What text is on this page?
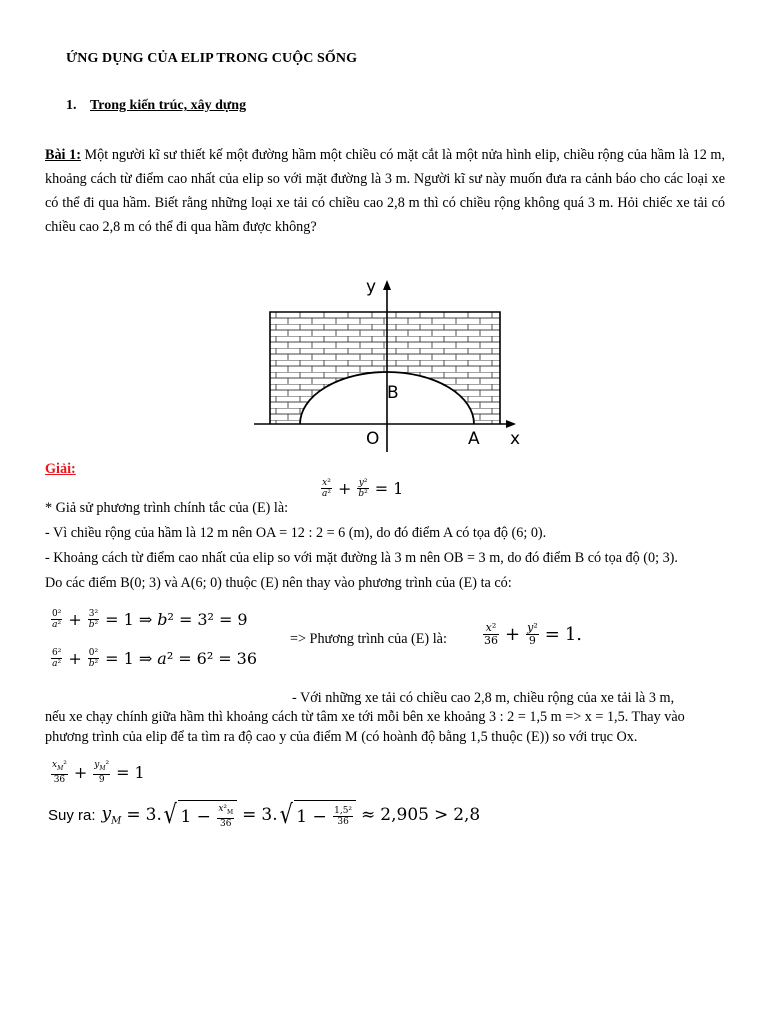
ỨNG DỤNG CỦA ELIP TRONG CUỘC SỐNG
1. Trong kiến trúc, xây dựng
Bài 1: Một người kĩ sư thiết kế một đường hầm một chiều có mặt cắt là một nửa hình elip, chiều rộng của hầm là 12 m, khoảng cách từ điểm cao nhất của elip so với mặt đường là 3 m. Người kĩ sư này muốn đưa ra cảnh báo cho các loại xe có thể đi qua hầm. Biết rằng những loại xe tải có chiều cao 2,8 m thì có chiều rộng không quá 3 m. Hỏi chiếc xe tải có chiều cao 2,8 m có thể đi qua hầm được không?
y
x
B
O	A
Giải:
* Giả sử phương trình chính tắc của (E) là:
$\frac{\text{x²}}{\text{a²}} + \frac{\text{y²}}{\text{b²}} = 1$
- Vì chiều rộng của hầm là 12 m nên OA = 12 : 2 = 6 (m), do đó điểm A có tọa độ (6; 0).
- Khoảng cách từ điểm cao nhất của elip so với mặt đường là 3 m nên OB = 3 m, do đó điểm B có tọa độ (0; 3).
Do các điểm B(0; 3) và A(6; 0) thuộc (E) nên thay vào phương trình của (E) ta có:
$\frac{\text{0²}}{\text{a²}} + \frac{\text{3²}}{\text{b²}} = 1$ ⇒ b ² = 3² = 9
$\frac{\text{6²}}{\text{a²}} + \frac{\text{0²}}{\text{b²}} = 1$ ⇒ a ² = 6² = 36
=> Phương trình của (E) là:	$\frac{\text{x²}}{36} + \frac{\text{y²}}{9} = 1$.
- Với những xe tải có chiều cao 2,8 m, chiều rộng của xe tải là 3 m,
nếu xe chạy chính giữa hầm thì khoảng cách từ tâm xe tới mỗi bên xe khoảng 3 : 2 = 1,5 m => x = 1,5. Thay vào phương trình của elip để ta tìm ra độ cao y của điểm M (có hoành độ bằng 1,5 thuộc (E)) so với trục Ox.
$\frac{x_M^2}{36} + \frac{y_M^2}{9} = 1$
Suy ra: $y_M = 3$. √ $1 - \frac{x^2_M}{36} = 3$. √ $1 - \frac{\text{1,5²}}{36} \approx 2,905 > 2,8$
